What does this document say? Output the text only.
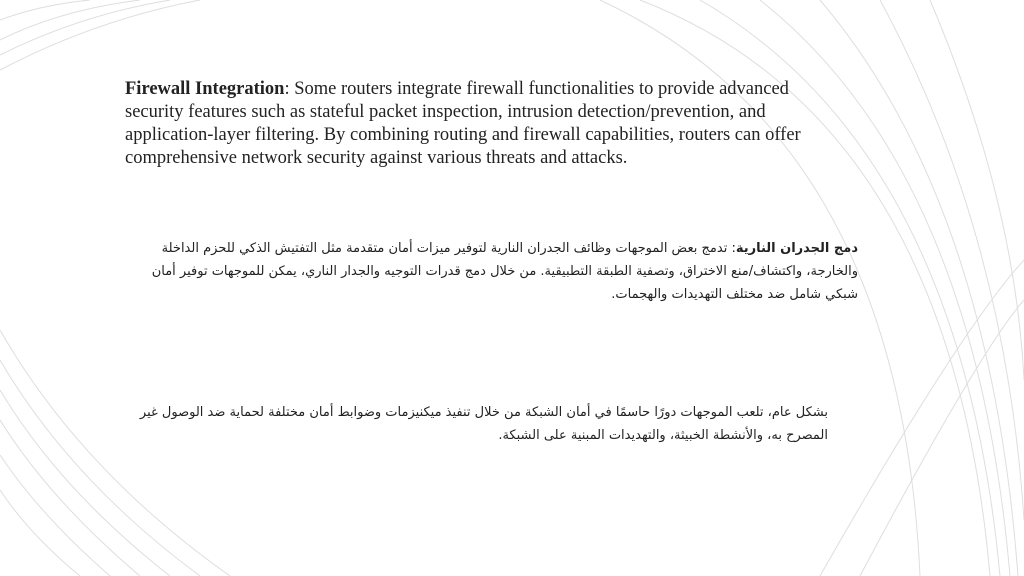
Firewall Integration: Some routers integrate firewall functionalities to provide advanced security features such as stateful packet inspection, intrusion detection/prevention, and application-layer filtering. By combining routing and firewall capabilities, routers can offer comprehensive network security against various threats and attacks.
دمج الجدران النارية: تدمج بعض الموجهات وظائف الجدران النارية لتوفير ميزات أمان متقدمة مثل التفتيش الذكي للحزم الداخلة والخارجة، واكتشاف/منع الاختراق، وتصفية الطبقة التطبيقية. من خلال دمج قدرات التوجيه والجدار الناري، يمكن للموجهات توفير أمان شبكي شامل ضد مختلف التهديدات والهجمات.
بشكل عام، تلعب الموجهات دورًا حاسمًا في أمان الشبكة من خلال تنفيذ ميكنيزمات وضوابط أمان مختلفة لحماية ضد الوصول غير المصرح به، والأنشطة الخبيثة، والتهديدات المبنية على الشبكة.
